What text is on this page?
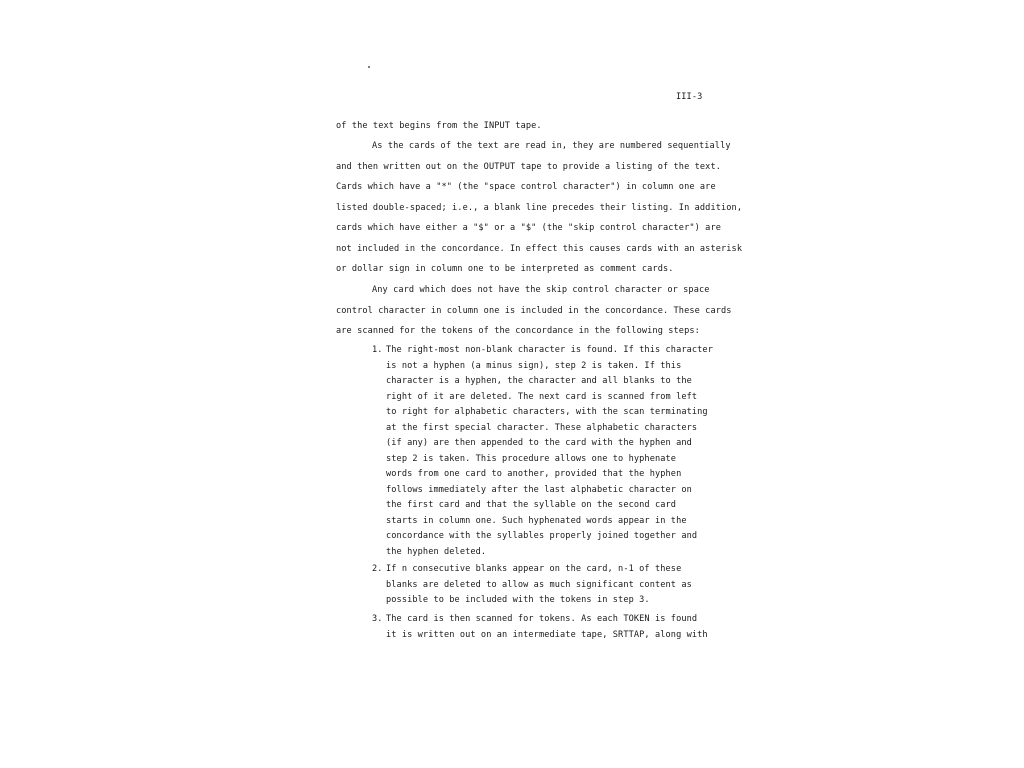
III-3
of the text begins from the INPUT tape.
As the cards of the text are read in, they are numbered sequentially
and then written out on the OUTPUT tape to provide a listing of the text.
Cards which have a "*" (the "space control character") in column one are
listed double-spaced; i.e., a blank line precedes their listing. In addition,
cards which have either a "$" or a "$" (the "skip control character") are
not included in the concordance. In effect this causes cards with an asterisk
or dollar sign in column one to be interpreted as comment cards.
Any card which does not have the skip control character or space
control character in column one is included in the concordance. These cards
are scanned for the tokens of the concordance in the following steps:
1. The right-most non-blank character is found. If this character
is not a hyphen (a minus sign), step 2 is taken. If this
character is a hyphen, the character and all blanks to the
right of it are deleted. The next card is scanned from left
to right for alphabetic characters, with the scan terminating
at the first special character. These alphabetic characters
(if any) are then appended to the card with the hyphen and
step 2 is taken. This procedure allows one to hyphenate
words from one card to another, provided that the hyphen
follows immediately after the last alphabetic character on
the first card and that the syllable on the second card
starts in column one. Such hyphenated words appear in the
concordance with the syllables properly joined together and
the hyphen deleted.
2. If n consecutive blanks appear on the card, n-1 of these
blanks are deleted to allow as much significant content as
possible to be included with the tokens in step 3.
3. The card is then scanned for tokens. As each TOKEN is found
it is written out on an intermediate tape, SRTTAP, along with
